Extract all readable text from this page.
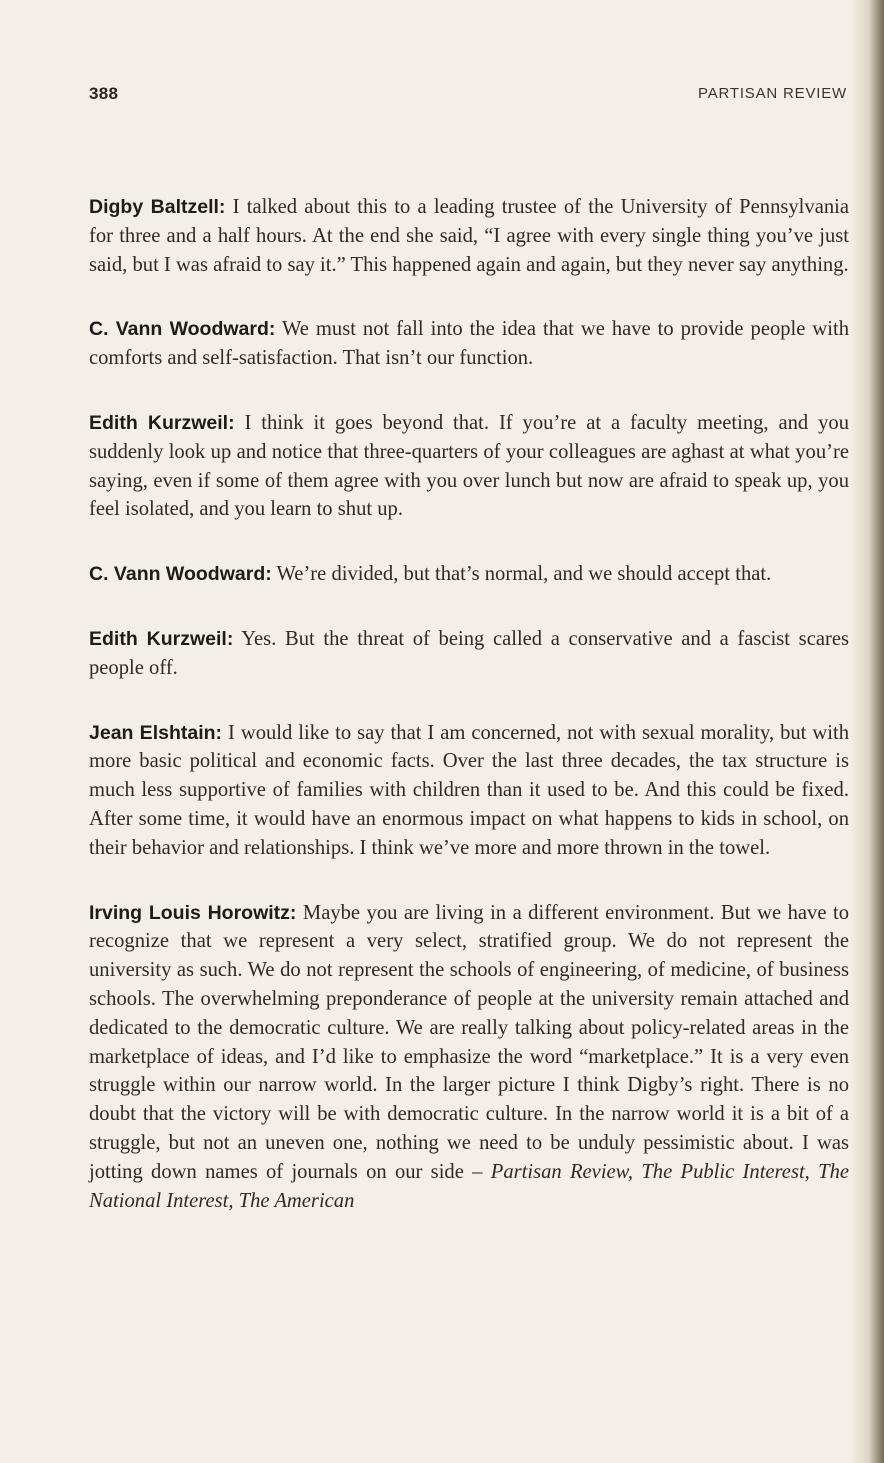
388	PARTISAN REVIEW

Digby Baltzell: I talked about this to a leading trustee of the University of Pennsylvania for three and a half hours. At the end she said, “I agree with every single thing you’ve just said, but I was afraid to say it.” This happened again and again, but they never say anything.

C. Vann Woodward: We must not fall into the idea that we have to provide people with comforts and self-satisfaction. That isn’t our function.

Edith Kurzweil: I think it goes beyond that. If you’re at a faculty meeting, and you suddenly look up and notice that three-quarters of your colleagues are aghast at what you’re saying, even if some of them agree with you over lunch but now are afraid to speak up, you feel isolated, and you learn to shut up.

C. Vann Woodward: We’re divided, but that’s normal, and we should accept that.

Edith Kurzweil: Yes. But the threat of being called a conservative and a fascist scares people off.

Jean Elshtain: I would like to say that I am concerned, not with sexual morality, but with more basic political and economic facts. Over the last three decades, the tax structure is much less supportive of families with children than it used to be. And this could be fixed. After some time, it would have an enormous impact on what happens to kids in school, on their behavior and relationships. I think we’ve more and more thrown in the towel.

Irving Louis Horowitz: Maybe you are living in a different environment. But we have to recognize that we represent a very select, stratified group. We do not represent the university as such. We do not represent the schools of engineering, of medicine, of business schools. The overwhelming preponderance of people at the university remain attached and dedicated to the democratic culture. We are really talking about policy-related areas in the marketplace of ideas, and I’d like to emphasize the word “marketplace.” It is a very even struggle within our narrow world. In the larger picture I think Digby’s right. There is no doubt that the victory will be with democratic culture. In the narrow world it is a bit of a struggle, but not an uneven one, nothing we need to be unduly pessimistic about. I was jotting down names of journals on our side – Partisan Review, The Public Interest, The National Interest, The American
